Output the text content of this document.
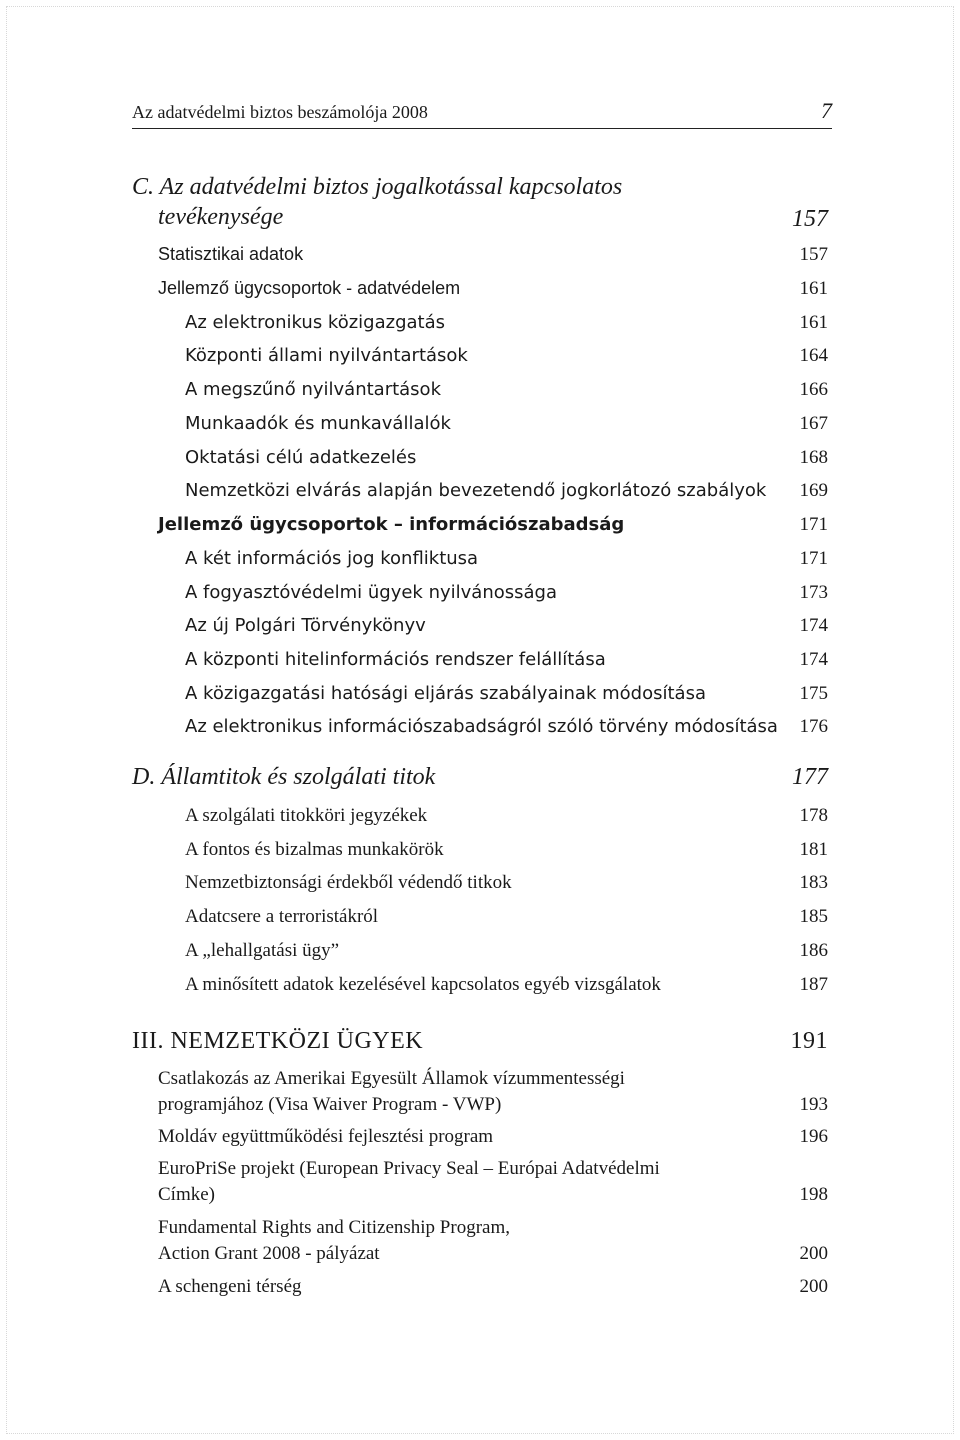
Az adatvédelmi biztos beszámolója 2008	7
C. Az adatvédelmi biztos jogalkotással kapcsolatos
tevékenysége	157
Statisztikai adatok	157
Jellemző ügycsoportok - adatvédelem	161
Az elektronikus közigazgatás	161
Központi állami nyilvántartások	164
A megszűnő nyilvántartások	166
Munkaadók és munkavállalók	167
Oktatási célú adatkezelés	168
Nemzetközi elvárás alapján bevezetendő jogkorlátozó szabályok 169
Jellemző ügycsoportok – információszabadság	171
A két információs jog konfliktusa	171
A fogyasztóvédelmi ügyek nyilvánossága	173
Az új Polgári Törvénykönyv	174
A központi hitelinformációs rendszer felállítása	174
A közigazgatási hatósági eljárás szabályainak módosítása	175
Az elektronikus információszabadságról szóló törvény módosítása 176
D. Államtitok és szolgálati titok	177
A szolgálati titokköri jegyzékek	178
A fontos és bizalmas munkakörök	181
Nemzetbiztonsági érdekből védendő titkok	183
Adatcsere a terroristákról	185
A „lehallgatási ügy”	186
A minősített adatok kezelésével kapcsolatos egyéb vizsgálatok	187
III. NEMZETKÖZI ÜGYEK	191
Csatlakozás az Amerikai Egyesült Államok vízummentességi
programjához (Visa Waiver Program - VWP)	193
Moldáv együttműködési fejlesztési program	196
EuroPriSe projekt (European Privacy Seal – Európai Adatvédelmi
Címke)	198
Fundamental Rights and Citizenship Program,
Action Grant 2008 - pályázat	200
A schengeni térség	200
